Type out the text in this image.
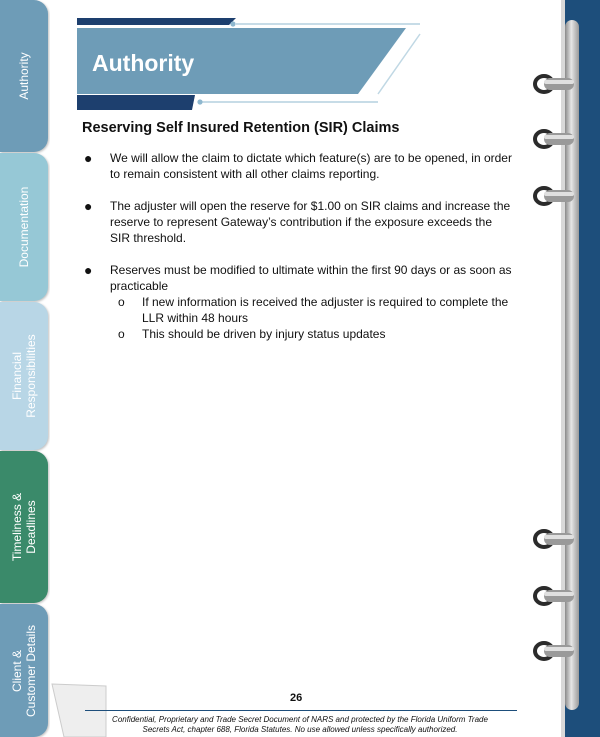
Authority
Documentation
Financial
Responsibilities
Timeliness &
Deadlines
Client &
Customer Details
Authority
Reserving Self Insured Retention (SIR) Claims
● We will allow the claim to dictate which feature(s) are to be opened, in order to remain consistent with all other claims reporting.
● The adjuster will open the reserve for $1.00 on SIR claims and increase the reserve to represent Gateway’s contribution if the exposure exceeds the SIR threshold.
● Reserves must be modified to ultimate within the first 90 days or as soon as practicable
o If new information is received the adjuster is required to complete the LLR within 48 hours
o This should be driven by injury status updates
26
Confidential, Proprietary and Trade Secret Document of NARS and protected by the Florida Uniform Trade Secrets Act, chapter 688, Florida Statutes. No use allowed unless specifically authorized.
